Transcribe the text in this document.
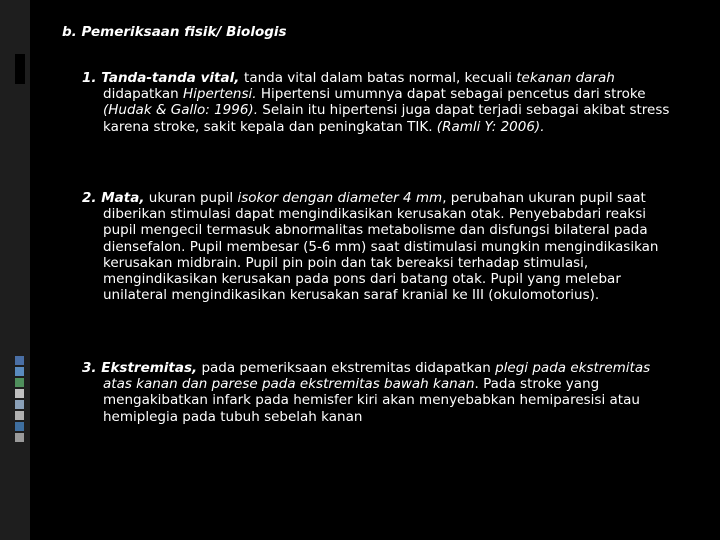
b. Pemeriksaan fisik/ Biologis
1. Tanda-tanda vital, tanda vital dalam batas normal, kecuali tekanan darah didapatkan Hipertensi. Hipertensi umumnya dapat sebagai pencetus dari stroke (Hudak & Gallo: 1996). Selain itu hipertensi juga dapat terjadi sebagai akibat stress karena stroke, sakit kepala dan peningkatan TIK. (Ramli Y: 2006).
2. Mata, ukuran pupil isokor dengan diameter 4 mm, perubahan ukuran pupil saat diberikan stimulasi dapat mengindikasikan kerusakan otak. Penyebabdari reaksi pupil mengecil termasuk abnormalitas metabolisme dan disfungsi bilateral pada diensefalon. Pupil membesar (5-6 mm) saat distimulasi mungkin mengindikasikan kerusakan midbrain. Pupil pin poin dan tak bereaksi terhadap stimulasi, mengindikasikan kerusakan pada pons dari batang otak. Pupil yang melebar unilateral mengindikasikan kerusakan saraf kranial ke III (okulomotorius).
3. Ekstremitas, pada pemeriksaan ekstremitas didapatkan plegi pada ekstremitas atas kanan dan parese pada ekstremitas bawah kanan. Pada stroke yang mengakibatkan infark pada hemisfer kiri akan menyebabkan hemiparesisi atau hemiplegia pada tubuh sebelah kanan
